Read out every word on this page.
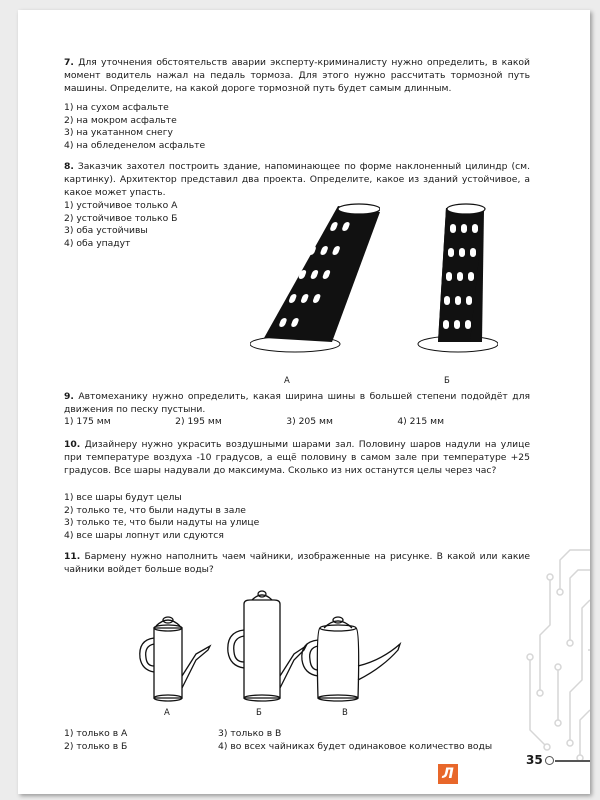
7. Для уточнения обстоятельств аварии эксперту-криминалисту нужно определить, в какой момент водитель нажал на педаль тормоза. Для этого нужно рассчитать тормозной путь машины. Определите, на какой дороге тормозной путь будет самым длинным.
1) на сухом асфальте
2) на мокром асфальте
3) на укатанном снегу
4) на обледенелом асфальте
8. Заказчик захотел построить здание, напоминающее по форме наклоненный цилиндр (см. картинку). Архитектор представил два проекта. Определите, какое из зданий устойчивое, а какое может упасть.
1) устойчивое только А
2) устойчивое только Б
3) оба устойчивы
4) оба упадут
А	Б
9. Автомеханику нужно определить, какая ширина шины в большей степени подойдёт для движения по песку пустыни.
1) 175 мм	2) 195 мм	3) 205 мм	4) 215 мм
10. Дизайнеру нужно украсить воздушными шарами зал. Половину шаров надули на улице при температуре воздуха -10 градусов, а ещё половину в самом зале при температуре +25 градусов. Все шары надували до максимума. Сколько из них останутся целы через час?
1) все шары будут целы
2) только те, что были надуты в зале
3) только те, что были надуты на улице
4) все шары лопнут или сдуются
11. Бармену нужно наполнить чаем чайники, изображенные на рисунке. В какой или какие чайники войдет больше воды?
А	Б	В
1) только в А
2) только в Б
3) только в В
4) во всех чайниках будет одинаковое количество воды
35
Л
